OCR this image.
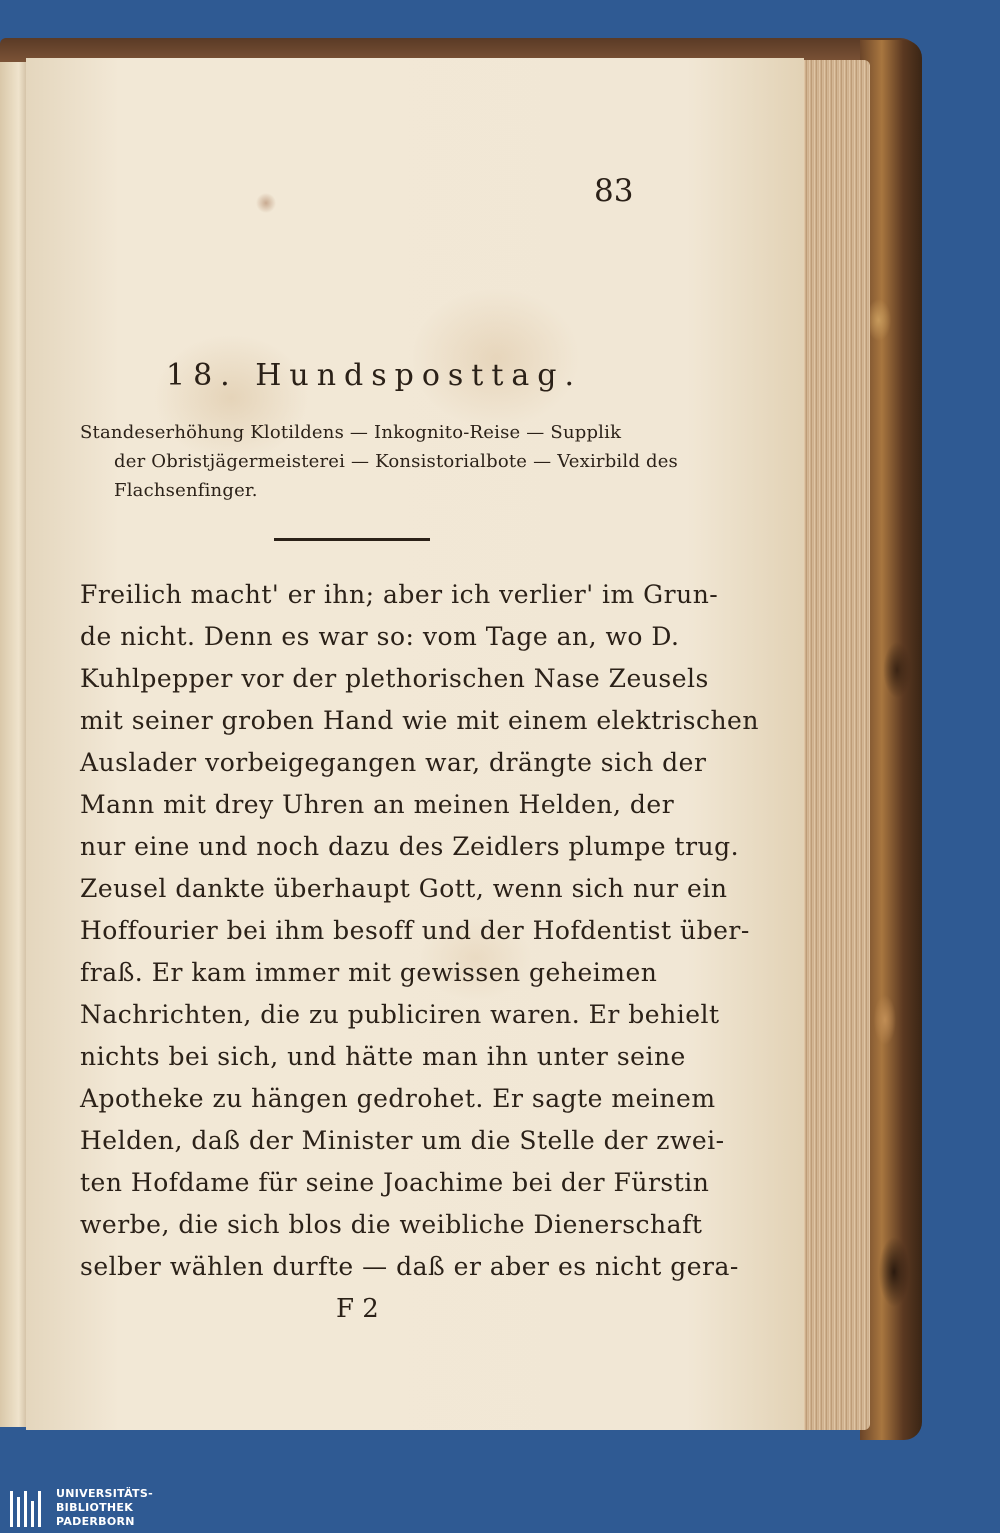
83
18. Hundsposttag.
Standeserhöhung Klotildens — Inkognito-Reise — Supplik
der Obristjägermeisterei — Konsistorialbote — Vexirbild des
Flachsenfinger.
Freilich macht' er ihn; aber ich verlier' im Grun-
de nicht. Denn es war so: vom Tage an, wo D.
Kuhlpepper vor der plethorischen Nase Zeusels
mit seiner groben Hand wie mit einem elektrischen
Auslader vorbeigegangen war, drängte sich der
Mann mit drey Uhren an meinen Helden, der
nur eine und noch dazu des Zeidlers plumpe trug.
Zeusel dankte überhaupt Gott, wenn sich nur ein
Hoffourier bei ihm besoff und der Hofdentist über-
fraß. Er kam immer mit gewissen geheimen
Nachrichten, die zu publiciren waren. Er behielt
nichts bei sich, und hätte man ihn unter seine
Apotheke zu hängen gedrohet. Er sagte meinem
Helden, daß der Minister um die Stelle der zwei-
ten Hofdame für seine Joachime bei der Fürstin
werbe, die sich blos die weibliche Dienerschaft
selber wählen durfte — daß er aber es nicht gera-
F 2
UNIVERSITÄTS-
BIBLIOTHEK
PADERBORN
